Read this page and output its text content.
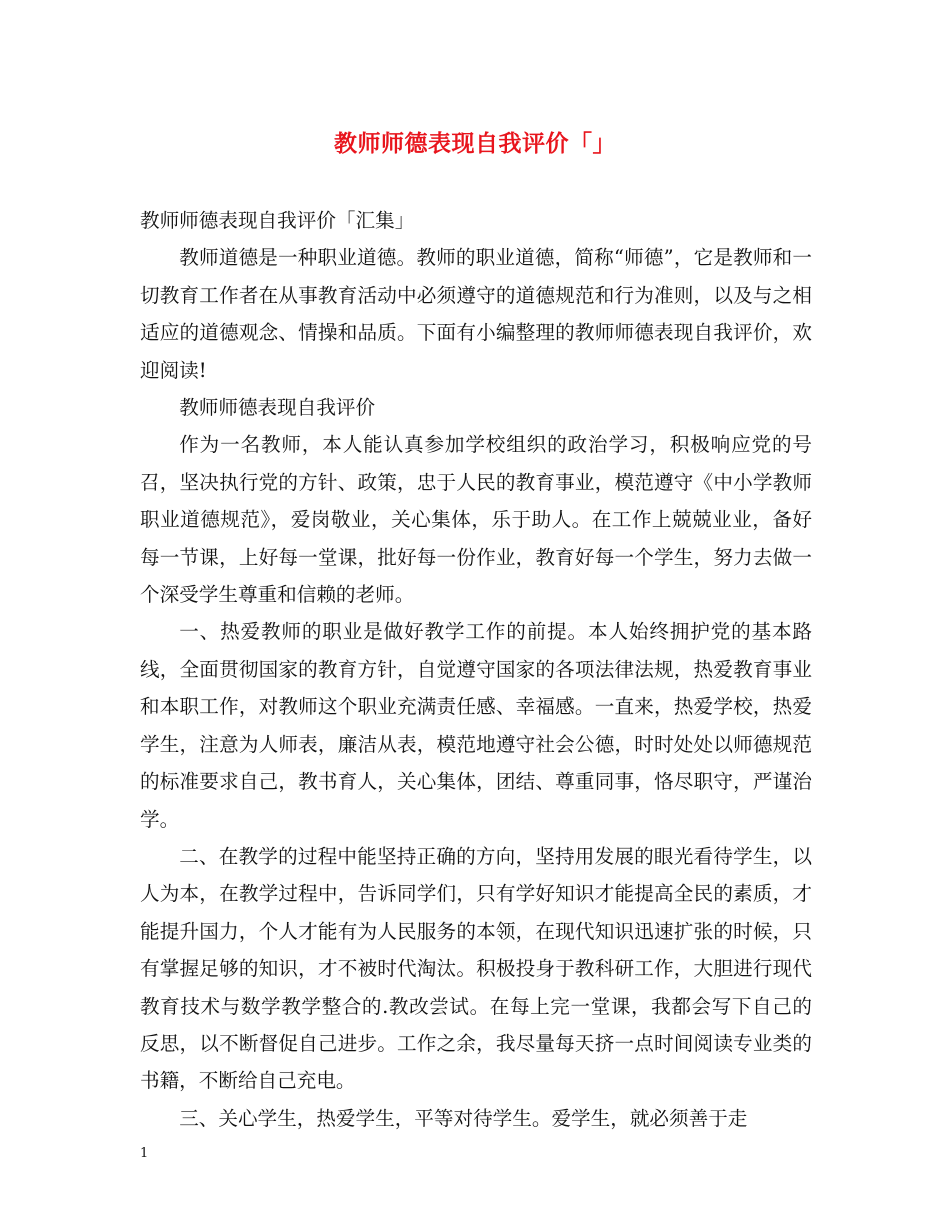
教师师德表现自我评价「」

教师师德表现自我评价「汇集」

教师道德是一种职业道德。教师的职业道德，简称“师德”，它是教师和一切教育工作者在从事教育活动中必须遵守的道德规范和行为准则，以及与之相适应的道德观念、情操和品质。下面有小编整理的教师师德表现自我评价，欢迎阅读!

教师师德表现自我评价

作为一名教师，本人能认真参加学校组织的政治学习，积极响应党的号召，坚决执行党的方针、政策，忠于人民的教育事业，模范遵守《中小学教师职业道德规范》，爱岗敬业，关心集体，乐于助人。在工作上兢兢业业，备好每一节课，上好每一堂课，批好每一份作业，教育好每一个学生，努力去做一个深受学生尊重和信赖的老师。

一、热爱教师的职业是做好教学工作的前提。本人始终拥护党的基本路线，全面贯彻国家的教育方针，自觉遵守国家的各项法律法规，热爱教育事业和本职工作，对教师这个职业充满责任感、幸福感。一直来，热爱学校，热爱学生，注意为人师表，廉洁从表，模范地遵守社会公德，时时处处以师德规范的标准要求自己，教书育人，关心集体，团结、尊重同事，恪尽职守，严谨治学。

二、在教学的过程中能坚持正确的方向，坚持用发展的眼光看待学生，以人为本，在教学过程中，告诉同学们，只有学好知识才能提高全民的素质，才能提升国力，个人才能有为人民服务的本领，在现代知识迅速扩张的时候，只有掌握足够的知识，才不被时代淘汰。积极投身于教科研工作，大胆进行现代教育技术与数学教学整合的.教改尝试。在每上完一堂课，我都会写下自己的反思，以不断督促自己进步。工作之余，我尽量每天挤一点时间阅读专业类的书籍，不断给自己充电。

三、关心学生，热爱学生，平等对待学生。爱学生，就必须善于走

1
